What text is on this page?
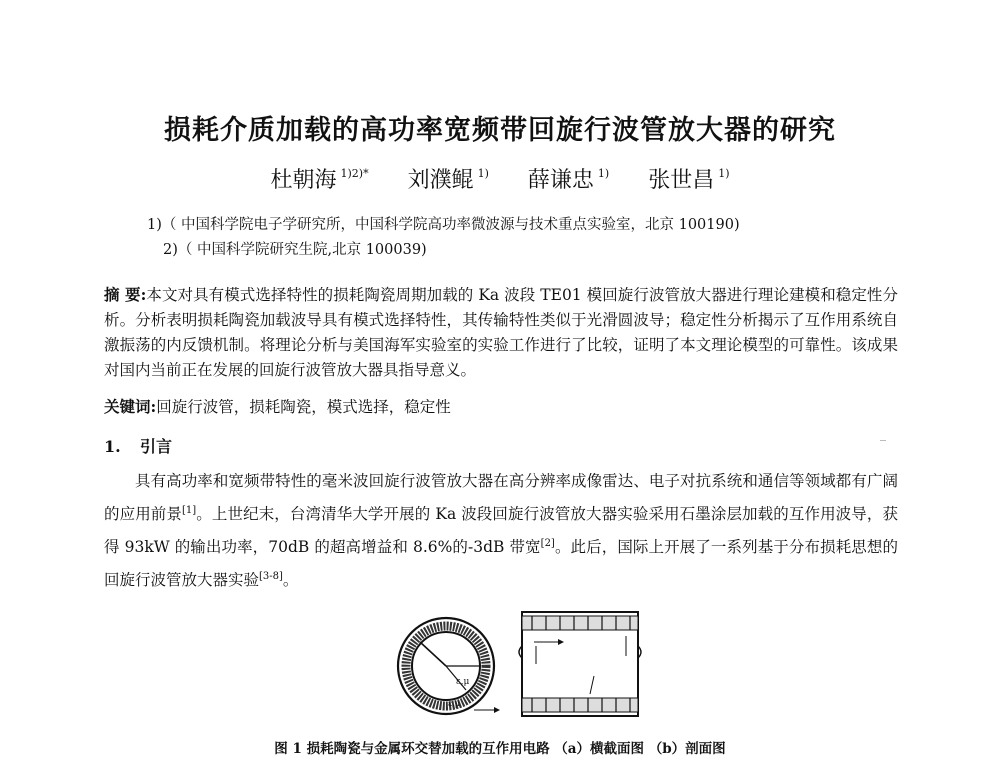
损耗介质加载的高功率宽频带回旋行波管放大器的研究
杜朝海 $^{1)2)*}$ 刘濮鲲 $^{1)}$ 薛谦忠 $^{1)}$ 张世昌 $^{1)}$
1)（ 中国科学院电子学研究所，中国科学院高功率微波源与技术重点实验室，北京 100190)
2)（ 中国科学院研究生院,北京 100039)
摘 要:本文对具有模式选择特性的损耗陶瓷周期加载的 Ka 波段 TE01 模回旋行波管放大器进行理论建模和稳定性分析。分析表明损耗陶瓷加载波导具有模式选择特性，其传输特性类似于光滑圆波导；稳定性分析揭示了互作用系统自激振荡的内反馈机制。将理论分析与美国海军实验室的实验工作进行了比较，证明了本文理论模型的可靠性。该成果对国内当前正在发展的回旋行波管放大器具指导意义。
关键词:回旋行波管，损耗陶瓷，模式选择，稳定性
1. 引言
具有高功率和宽频带特性的毫米波回旋行波管放大器在高分辨率成像雷达、电子对抗系统和通信等领域都有广阔的应用前景[1]。上世纪末，台湾清华大学开展的 Ka 波段回旋行波管放大器实验采用石墨涂层加载的互作用波导，获得 93kW 的输出功率，70dB 的超高增益和 8.6%的-3dB 带宽[2]。此后，国际上开展了一系列基于分布损耗思想的回旋行波管放大器实验[3-8]。
ε,μ
ε,μ
图 1 损耗陶瓷与金属环交替加载的互作用电路 （a）横截面图 （b）剖面图
